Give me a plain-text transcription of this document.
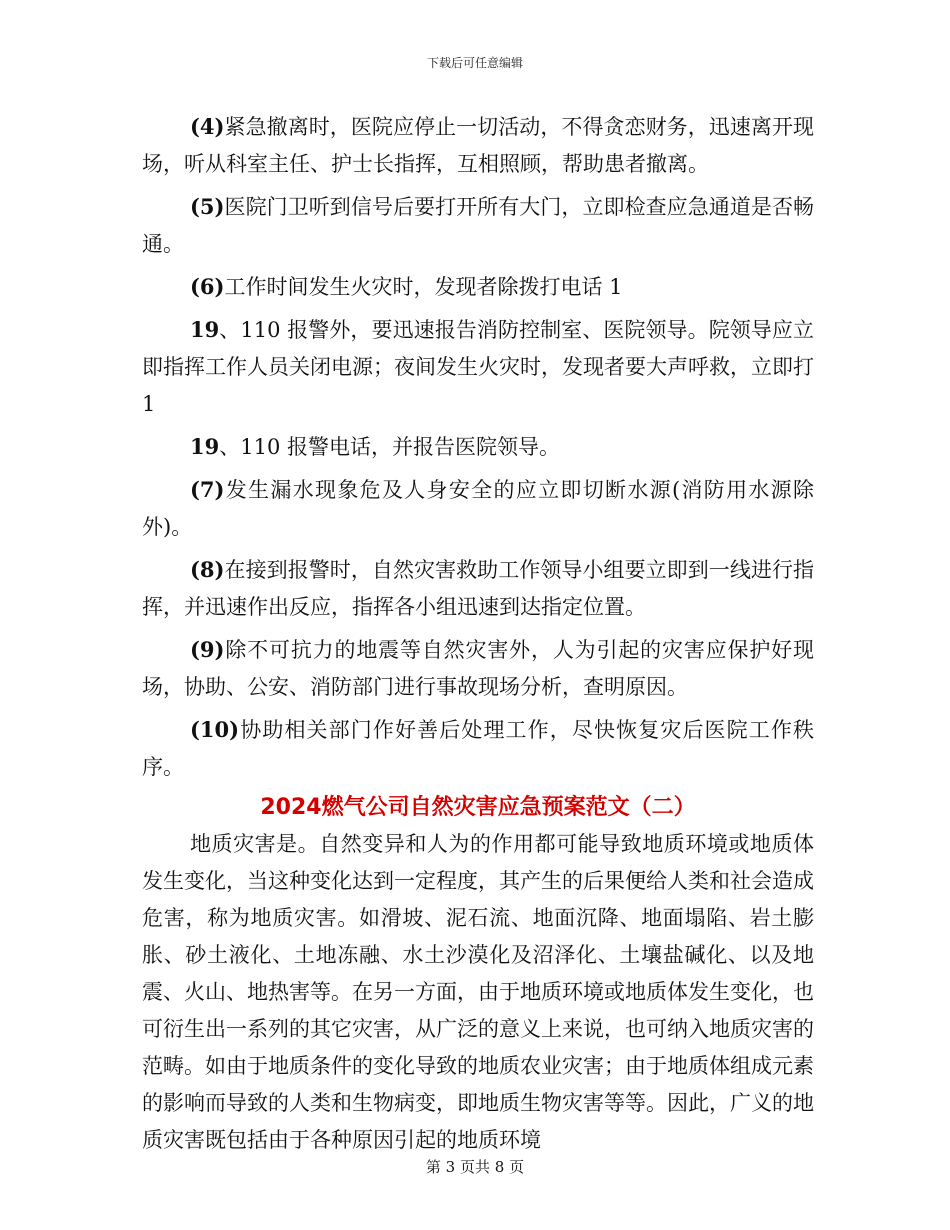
下载后可任意编辑

(4)紧急撤离时，医院应停止一切活动，不得贪恋财务，迅速离开现场，听从科室主任、护士长指挥，互相照顾，帮助患者撤离。

(5)医院门卫听到信号后要打开所有大门，立即检查应急通道是否畅通。

(6)工作时间发生火灾时，发现者除拨打电话 1

19、110 报警外，要迅速报告消防控制室、医院领导。院领导应立即指挥工作人员关闭电源；夜间发生火灾时，发现者要大声呼救，立即打 1

19、110 报警电话，并报告医院领导。

(7)发生漏水现象危及人身安全的应立即切断水源(消防用水源除外)。

(8)在接到报警时，自然灾害救助工作领导小组要立即到一线进行指挥，并迅速作出反应，指挥各小组迅速到达指定位置。

(9)除不可抗力的地震等自然灾害外，人为引起的灾害应保护好现场，协助、公安、消防部门进行事故现场分析，查明原因。

(10)协助相关部门作好善后处理工作，尽快恢复灾后医院工作秩序。

2024燃气公司自然灾害应急预案范文（二）

地质灾害是。自然变异和人为的作用都可能导致地质环境或地质体发生变化，当这种变化达到一定程度，其产生的后果便给人类和社会造成危害，称为地质灾害。如滑坡、泥石流、地面沉降、地面塌陷、岩土膨胀、砂土液化、土地冻融、水土沙漠化及沼泽化、土壤盐碱化、以及地震、火山、地热害等。在另一方面，由于地质环境或地质体发生变化，也可衍生出一系列的其它灾害，从广泛的意义上来说，也可纳入地质灾害的范畴。如由于地质条件的变化导致的地质农业灾害；由于地质体组成元素的影响而导致的人类和生物病变，即地质生物灾害等等。因此，广义的地质灾害既包括由于各种原因引起的地质环境

第 3 页共 8 页
